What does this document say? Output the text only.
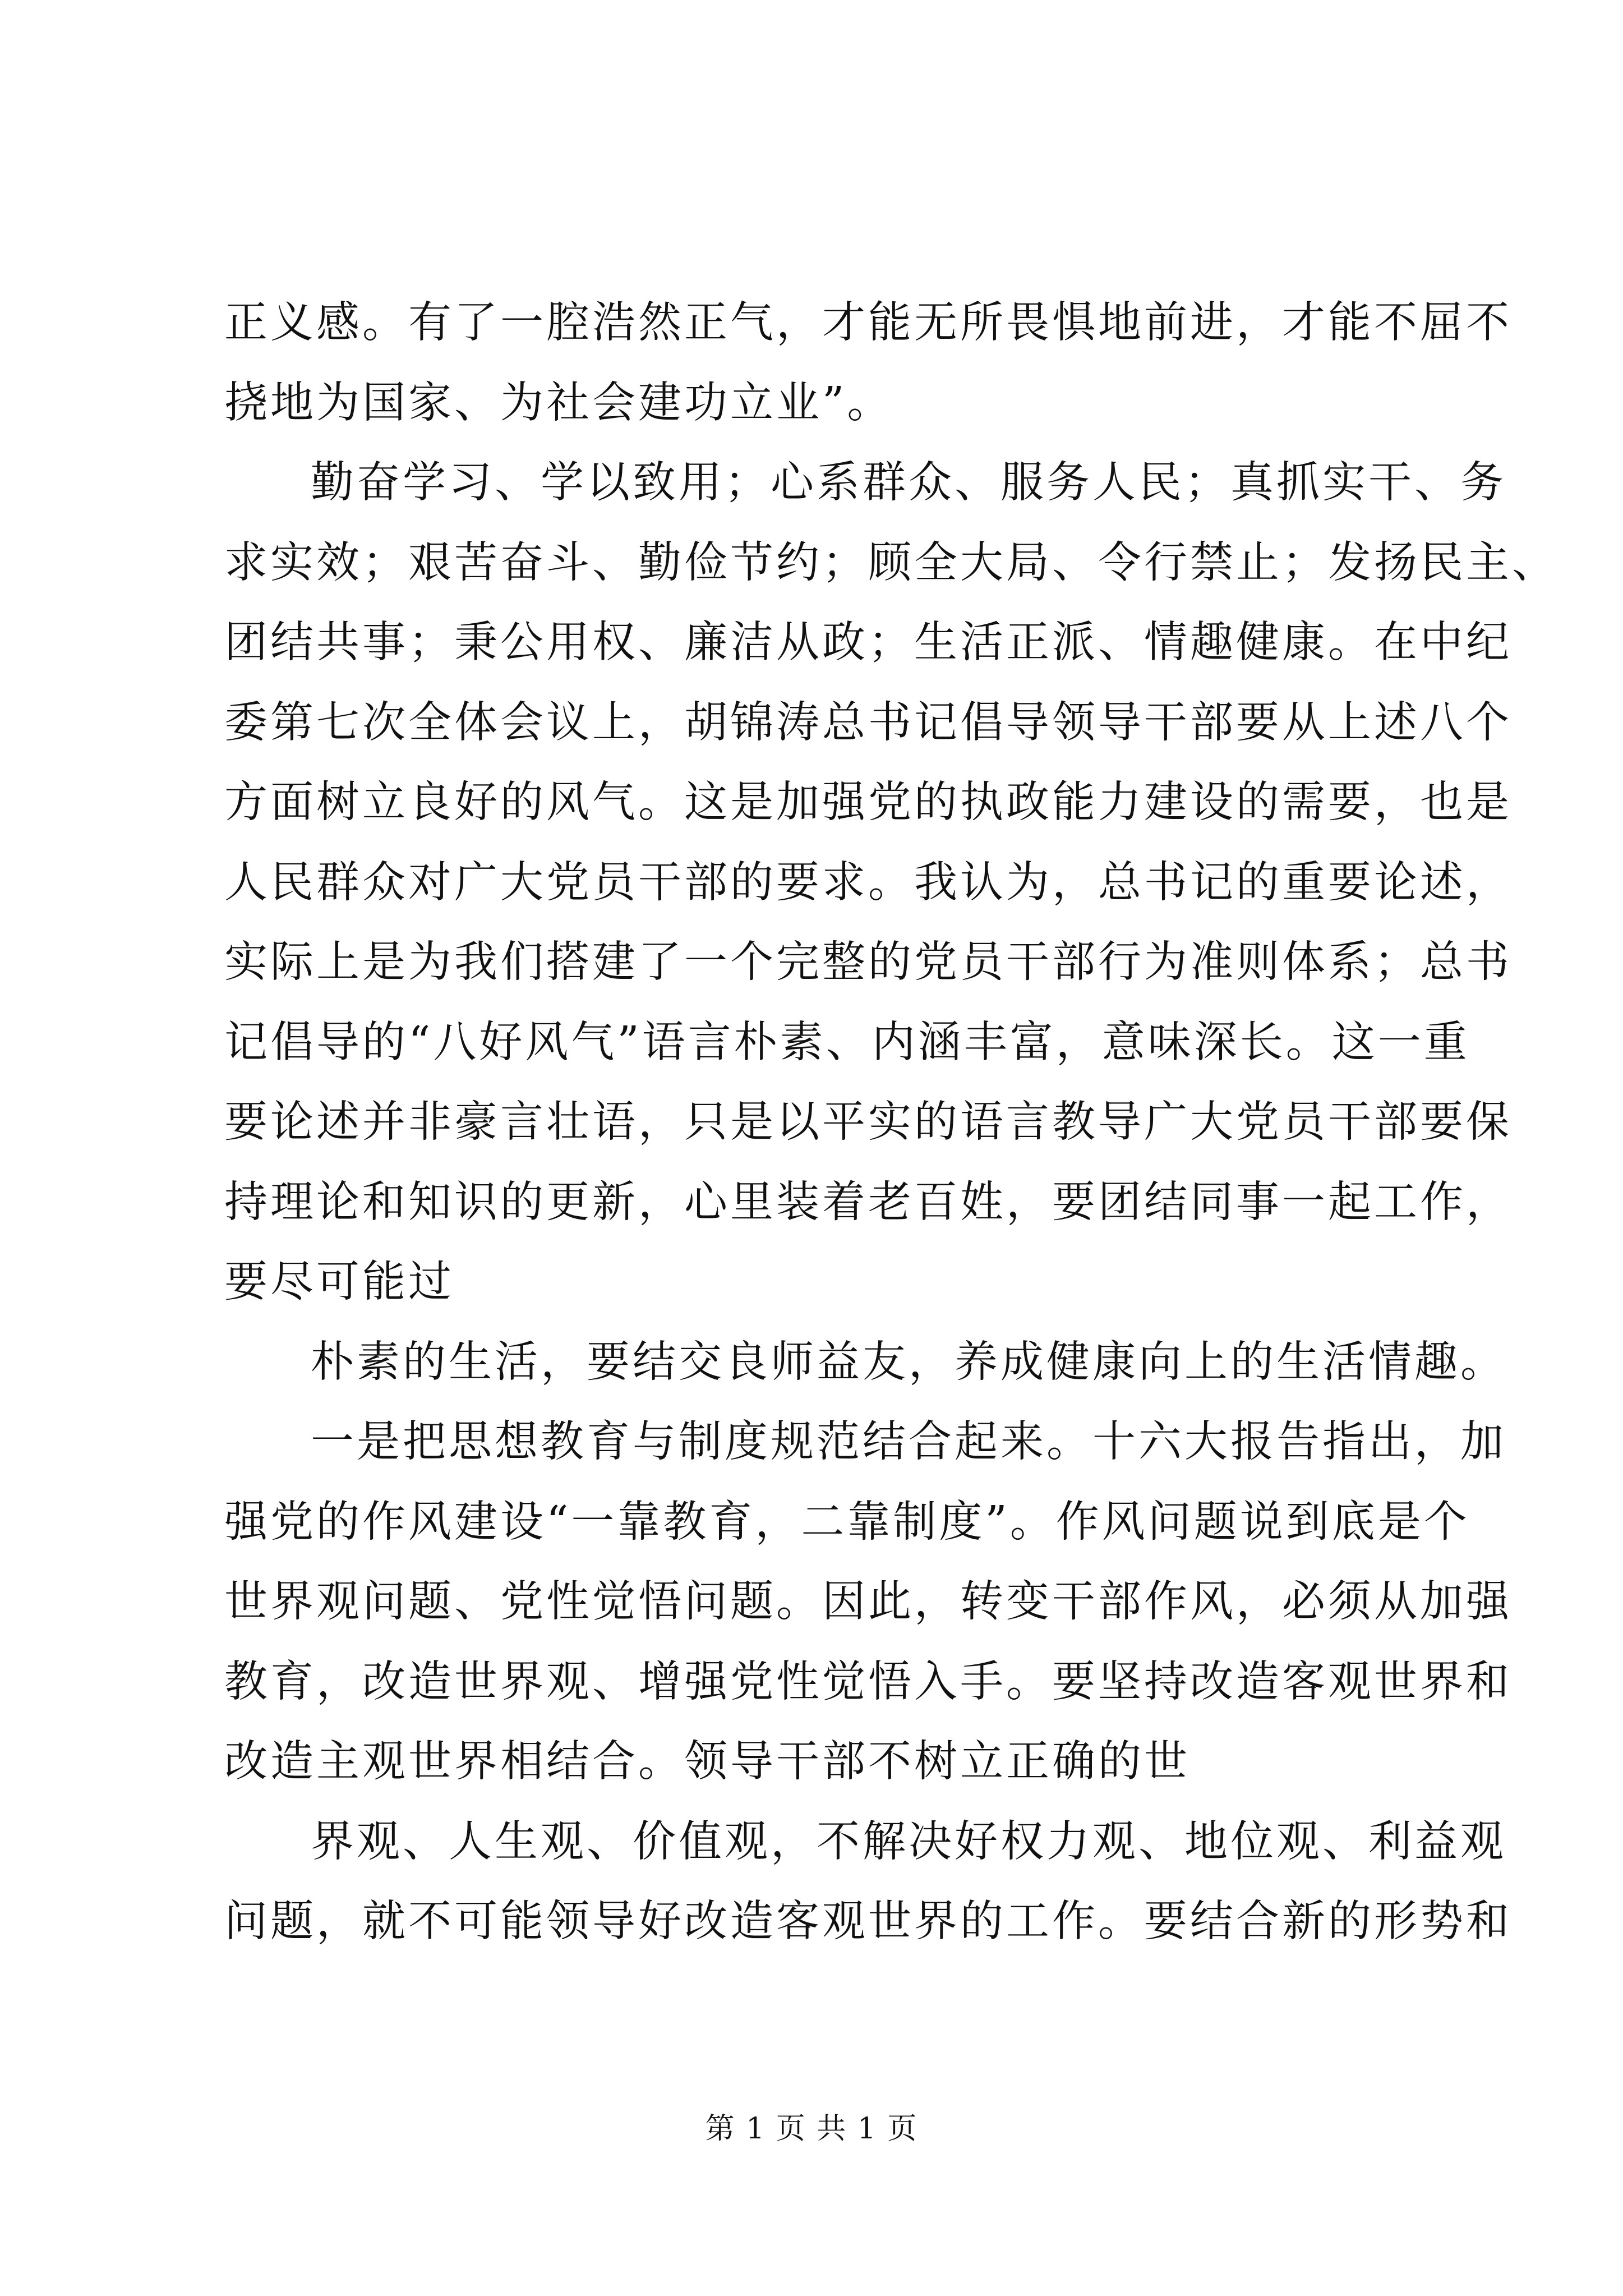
正义感。有了一腔浩然正气，才能无所畏惧地前进，才能不屈不
挠地为国家、为社会建功立业”。
勤奋学习、学以致用；心系群众、服务人民；真抓实干、务
求实效；艰苦奋斗、勤俭节约；顾全大局、令行禁止；发扬民主、
团结共事；秉公用权、廉洁从政；生活正派、情趣健康。在中纪
委第七次全体会议上，胡锦涛总书记倡导领导干部要从上述八个
方面树立良好的风气。这是加强党的执政能力建设的需要，也是
人民群众对广大党员干部的要求。我认为，总书记的重要论述，
实际上是为我们搭建了一个完整的党员干部行为准则体系；总书
记倡导的“八好风气”语言朴素、内涵丰富，意味深长。这一重
要论述并非豪言壮语，只是以平实的语言教导广大党员干部要保
持理论和知识的更新，心里装着老百姓，要团结同事一起工作，
要尽可能过
朴素的生活，要结交良师益友，养成健康向上的生活情趣。
一是把思想教育与制度规范结合起来。十六大报告指出，加
强党的作风建设“一靠教育，二靠制度”。作风问题说到底是个
世界观问题、党性觉悟问题。因此，转变干部作风，必须从加强
教育，改造世界观、增强党性觉悟入手。要坚持改造客观世界和
改造主观世界相结合。领导干部不树立正确的世
界观、人生观、价值观，不解决好权力观、地位观、利益观
问题，就不可能领导好改造客观世界的工作。要结合新的形势和
第 1 页 共 1 页
